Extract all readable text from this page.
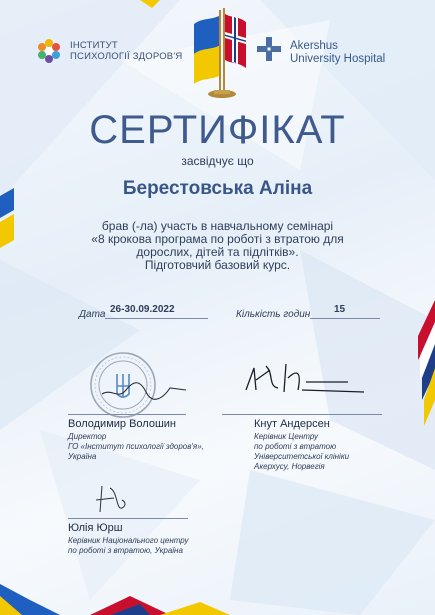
ІНСТИТУТ
ПСИХОЛОГІЇ ЗДОРОВ'Я
Akershus
University Hospital
СЕРТИФІКАТ
засвідчує що
Берестовська Аліна
брав (-ла) участь в навчальному семінарі
«8 крокова програма по роботі з втратою для
дорослих, дітей та підлітків».
Підготовчий базовий курс.
Дата 26-30.09.2022	Кількість годин 15
Володимир Волошин
Директор
ГО «Інститут психології здоров'я»,
Україна
Кнут Андерсен
Керівник Центру
по роботі з втратою
Університетської клініки
Акерхусу, Норвегія
Юлія Юрш
Керівник Національного центру
по роботі з втратою, Україна
